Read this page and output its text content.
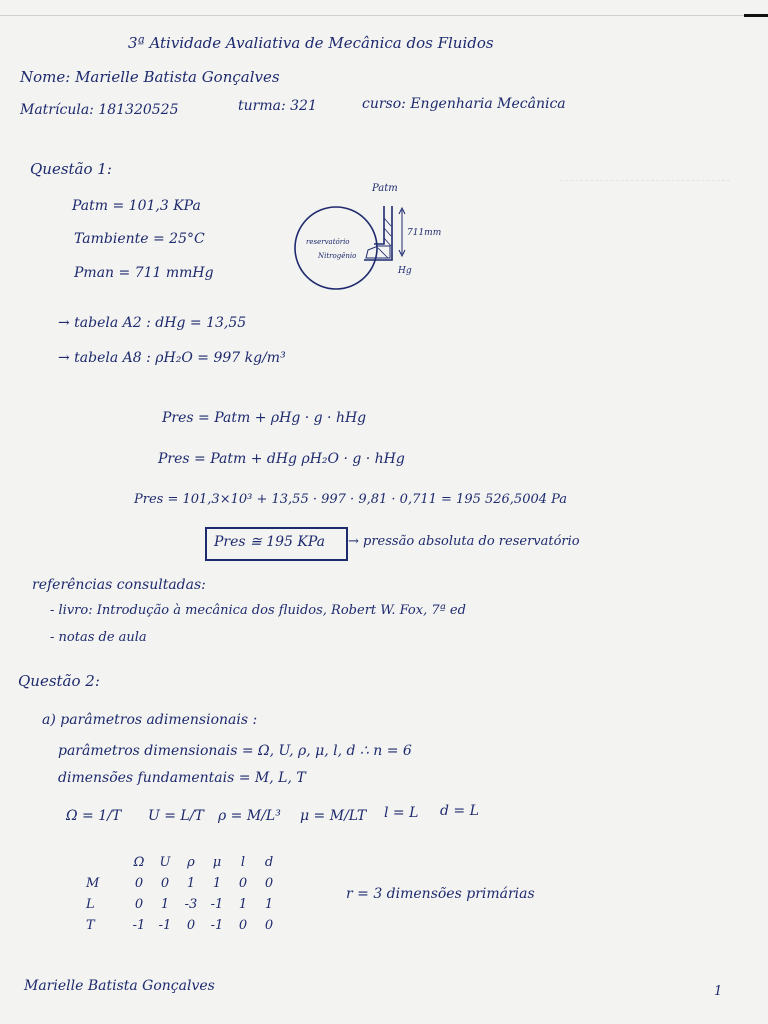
3ª Atividade Avaliativa de Mecânica dos Fluidos
Nome: Marielle Batista Gonçalves
Matrícula: 181320525	turma: 321	curso: Engenharia Mecânica
Questão 1:
Patm = 101,3 KPa
Tambiente = 25°C
Pman = 711 mmHg
Patm
711mm
reservatório
Nitrogênio
Hg
→ tabela A2 : dHg = 13,55
→ tabela A8 : ρH₂O = 997 kg/m³
Pres = Patm + ρHg · g · hHg
Pres = Patm + dHg ρH₂O · g · hHg
Pres = 101,3×10³ + 13,55 · 997 · 9,81 · 0,711 = 195 526,5004 Pa
Pres ≅ 195 KPa → pressão absoluta do reservatório
referências consultadas:
- livro: Introdução à mecânica dos fluidos, Robert W. Fox, 7ª ed
- notas de aula
Questão 2:
a) parâmetros adimensionais :
parâmetros dimensionais = Ω, U, ρ, μ, l, d ∴ n = 6
dimensões fundamentais = M, L, T
Ω = 1/T U = L/T ρ = M/L³ μ = M/LT l = L d = L
	Ω	U	ρ	μ	l	d
M	0	0	1	1	0	0
L	0	1	-3	-1	1	1
T	-1	-1	0	-1	0	0
r = 3 dimensões primárias
Marielle Batista Gonçalves	1
